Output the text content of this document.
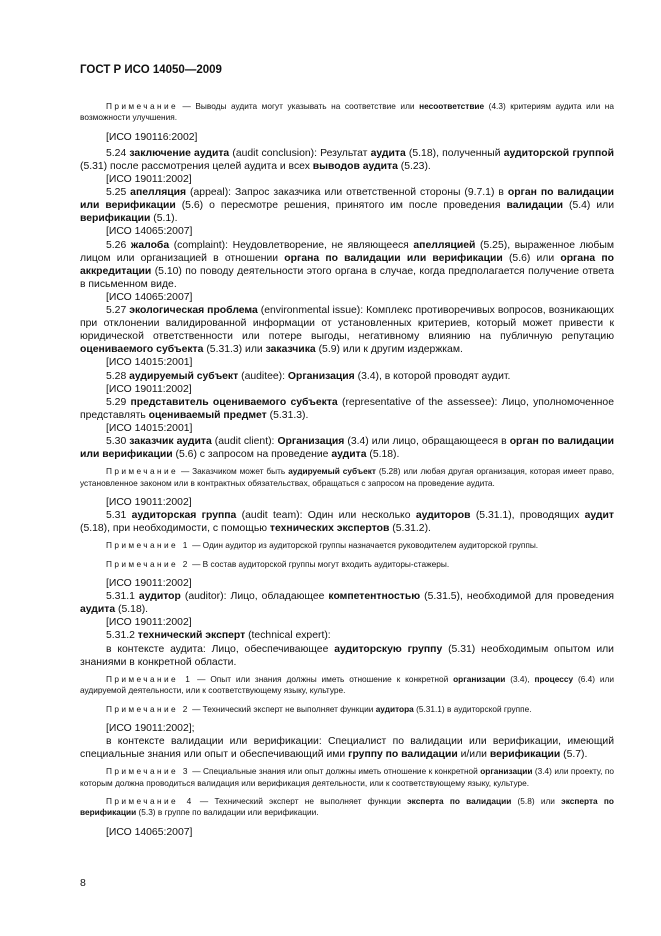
ГОСТ Р ИСО 14050—2009

Примечание — Выводы аудита могут указывать на соответствие или несоответствие (4.3) критериям аудита или на возможности улучшения.

[ИСО 190116:2002]

5.24 заключение аудита (audit conclusion): Результат аудита (5.18), полученный аудиторской группой (5.31) после рассмотрения целей аудита и всех выводов аудита (5.23).

[ИСО 19011:2002]

5.25 апелляция (appeal): Запрос заказчика или ответственной стороны (9.7.1) в орган по валидации или верификации (5.6) о пересмотре решения, принятого им после проведения валидации (5.4) или верификации (5.1).

[ИСО 14065:2007]

5.26 жалоба (complaint): Неудовлетворение, не являющееся апелляцией (5.25), выраженное любым лицом или организацией в отношении органа по валидации или верификации (5.6) или органа по аккредитации (5.10) по поводу деятельности этого органа в случае, когда предполагается получение ответа в письменном виде.

[ИСО 14065:2007]

5.27 экологическая проблема (environmental issue): Комплекс противоречивых вопросов, возникающих при отклонении валидированной информации от установленных критериев, который может привести к юридической ответственности или потере выгоды, негативному влиянию на публичную репутацию оцениваемого субъекта (5.31.3) или заказчика (5.9) или к другим издержкам.

[ИСО 14015:2001]

5.28 аудируемый субъект (auditee): Организация (3.4), в которой проводят аудит.

[ИСО 19011:2002]

5.29 представитель оцениваемого субъекта (representative of the assessee): Лицо, уполномоченное представлять оцениваемый предмет (5.31.3).

[ИСО 14015:2001]

5.30 заказчик аудита (audit client): Организация (3.4) или лицо, обращающееся в орган по валидации или верификации (5.6) с запросом на проведение аудита (5.18).

Примечание — Заказчиком может быть аудируемый субъект (5.28) или любая другая организация, которая имеет право, установленное законом или в контрактных обязательствах, обращаться с запросом на проведение аудита.

[ИСО 19011:2002]

5.31 аудиторская группа (audit team): Один или несколько аудиторов (5.31.1), проводящих аудит (5.18), при необходимости, с помощью технических экспертов (5.31.2).

Примечание 1 — Один аудитор из аудиторской группы назначается руководителем аудиторской группы.

Примечание 2 — В состав аудиторской группы могут входить аудиторы-стажеры.

[ИСО 19011:2002]

5.31.1 аудитор (auditor): Лицо, обладающее компетентностью (5.31.5), необходимой для проведения аудита (5.18).

[ИСО 19011:2002]

5.31.2 технический эксперт (technical expert):

в контексте аудита: Лицо, обеспечивающее аудиторскую группу (5.31) необходимым опытом или знаниями в конкретной области.

Примечание 1 — Опыт или знания должны иметь отношение к конкретной организации (3.4), процессу (6.4) или аудируемой деятельности, или к соответствующему языку, культуре.

Примечание 2 — Технический эксперт не выполняет функции аудитора (5.31.1) в аудиторской группе.

[ИСО 19011:2002];

в контексте валидации или верификации: Специалист по валидации или верификации, имеющий специальные знания или опыт и обеспечивающий ими группу по валидации и/или верификации (5.7).

Примечание 3 — Специальные знания или опыт должны иметь отношение к конкретной организации (3.4) или проекту, по которым должна проводиться валидация или верификация деятельности, или к соответствующему языку, культуре.

Примечание 4 — Технический эксперт не выполняет функции эксперта по валидации (5.8) или эксперта по верификации (5.3) в группе по валидации или верификации.

[ИСО 14065:2007]

8
